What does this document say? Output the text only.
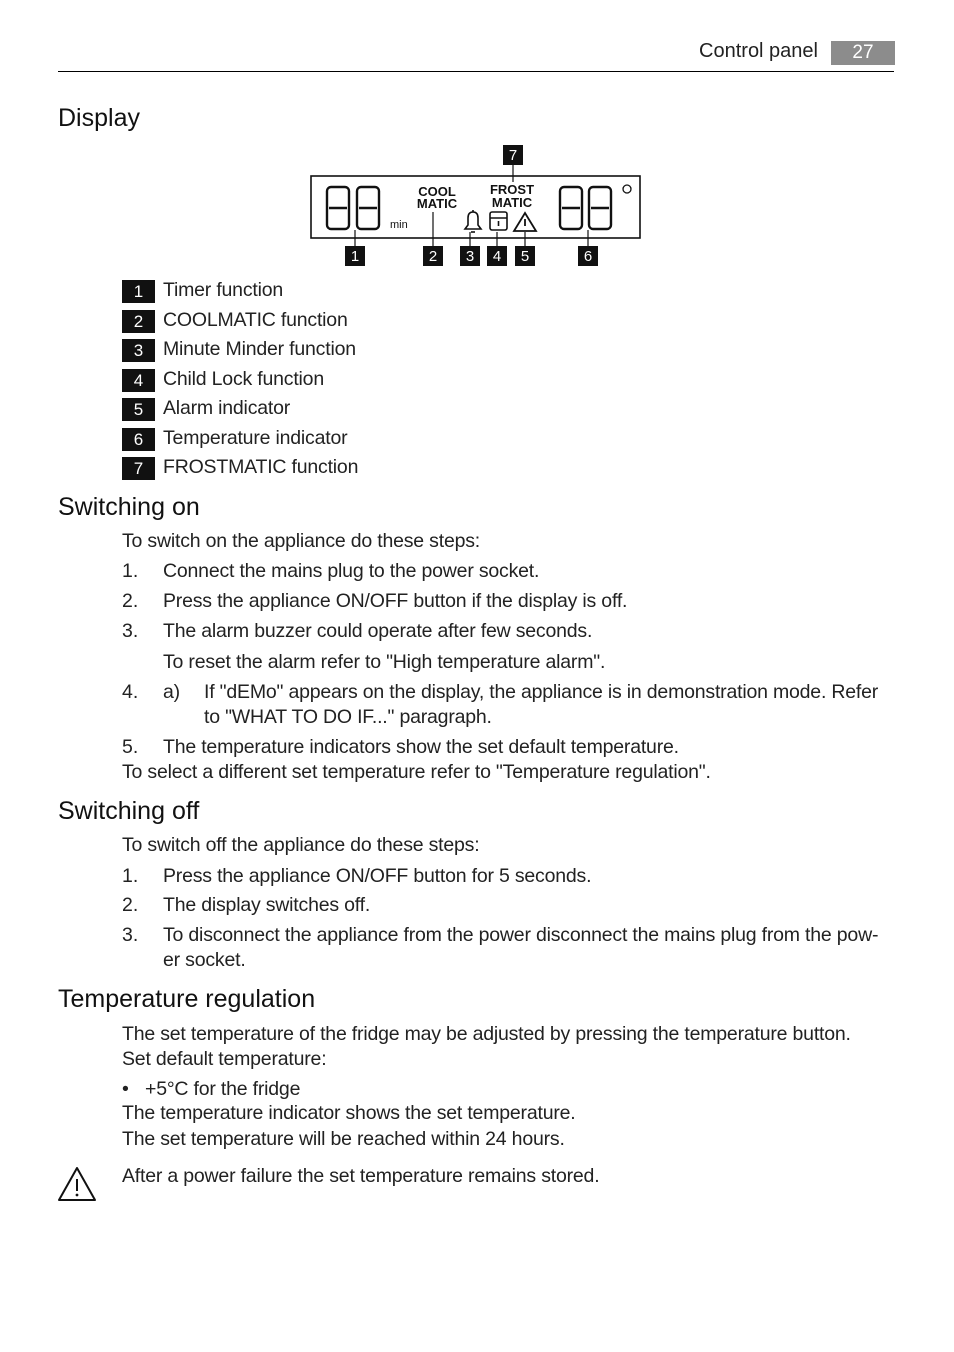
Control panel	27
Display
min
COOL
MATIC
FROST
MATIC
1	2 3 4 5	6
7
1	Timer function
2	COOLMATIC function
3	Minute Minder function
4	Child Lock function
5	Alarm indicator
6	Temperature indicator
7	FROSTMATIC function
Switching on
To switch on the appliance do these steps:
1. Connect the mains plug to the power socket.
2. Press the appliance ON/OFF button if the display is off.
3. The alarm buzzer could operate after few seconds.
To reset the alarm refer to "High temperature alarm".
4. a) If "dEMo" appears on the display, the appliance is in demonstration mode. Refer
to "WHAT TO DO IF..." paragraph.
5. The temperature indicators show the set default temperature.
To select a different set temperature refer to "Temperature regulation".
Switching off
To switch off the appliance do these steps:
1. Press the appliance ON/OFF button for 5 seconds.
2. The display switches off.
3. To disconnect the appliance from the power disconnect the mains plug from the pow-
er socket.
Temperature regulation
The set temperature of the fridge may be adjusted by pressing the temperature button.
Set default temperature:
• +5°C for the fridge
The temperature indicator shows the set temperature.
The set temperature will be reached within 24 hours.
After a power failure the set temperature remains stored.
